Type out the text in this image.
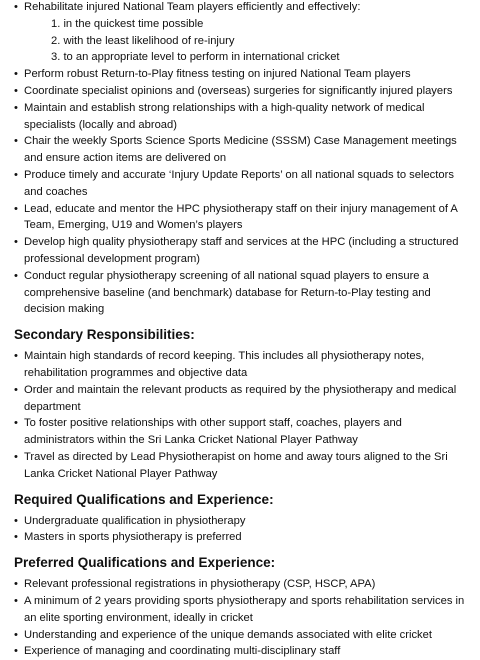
• Rehabilitate injured National Team players efficiently and effectively:
1. in the quickest time possible
2. with the least likelihood of re-injury
3. to an appropriate level to perform in international cricket
• Perform robust Return-to-Play fitness testing on injured National Team players
• Coordinate specialist opinions and (overseas) surgeries for significantly injured players
• Maintain and establish strong relationships with a high-quality network of medical specialists (locally and abroad)
• Chair the weekly Sports Science Sports Medicine (SSSM) Case Management meetings and ensure action items are delivered on
• Produce timely and accurate ‘Injury Update Reports’ on all national squads to selectors and coaches
• Lead, educate and mentor the HPC physiotherapy staff on their injury management of A Team, Emerging, U19 and Women’s players
• Develop high quality physiotherapy staff and services at the HPC (including a structured professional development program)
• Conduct regular physiotherapy screening of all national squad players to ensure a comprehensive baseline (and benchmark) database for Return-to-Play testing and decision making
Secondary Responsibilities:
• Maintain high standards of record keeping. This includes all physiotherapy notes, rehabilitation programmes and objective data
• Order and maintain the relevant products as required by the physiotherapy and medical department
• To foster positive relationships with other support staff, coaches, players and administrators within the Sri Lanka Cricket National Player Pathway
• Travel as directed by Lead Physiotherapist on home and away tours aligned to the Sri Lanka Cricket National Player Pathway
Required Qualifications and Experience:
• Undergraduate qualification in physiotherapy
• Masters in sports physiotherapy is preferred
Preferred Qualifications and Experience:
• Relevant professional registrations in physiotherapy (CSP, HSCP, APA)
• A minimum of 2 years providing sports physiotherapy and sports rehabilitation services in an elite sporting environment, ideally in cricket
• Understanding and experience of the unique demands associated with elite cricket
• Experience of managing and coordinating multi-disciplinary staff
